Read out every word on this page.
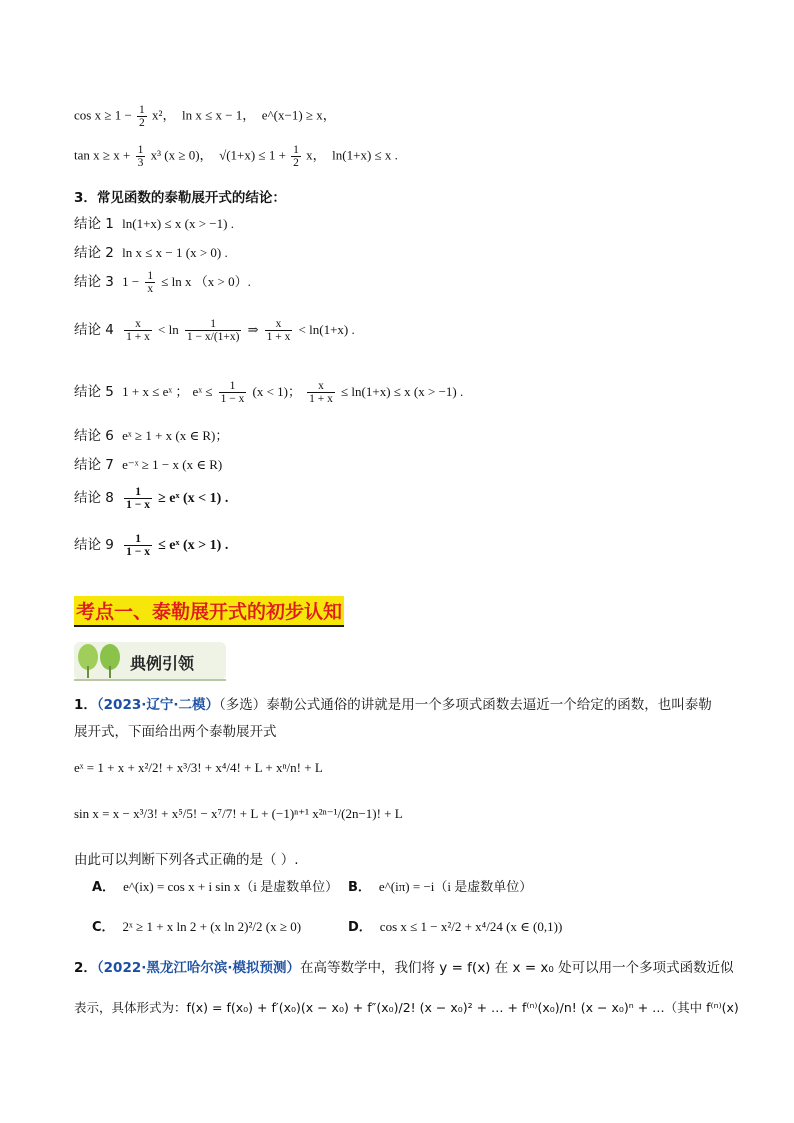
$\cos x \ge 1 - \frac{1}{2} x^2$， ln x ≤ x − 1， e^(x−1) ≥ x，
$\tan x \ge x + \frac{1}{3} x^3$ (x ≥ 0)， $√(1+x) \le 1 + \frac{1}{2}$ x， ln(1+x) ≤ x .
3．常见函数的泰勒展开式的结论：
结论 1 ln(1+x) ≤ x (x > −1) .
结论 2 ln x ≤ x − 1 (x > 0) .
结论 3 $1 - \frac{1}{x} \le \ln x$ （x > 0）.
结论 $4 \frac{x}{1 + x} < \ln \frac{1}{1 - x/(1+x)}$ ⇒ $\frac{x}{1 + x} < \ln(1+x)$ .
结论 5 1 + x ≤ eˣ ； eˣ ≤ $\frac{1}{1 - x} (x < 1)$； $\frac{x}{1 + x} \le \ln(1+x) \le x$ (x > −1) .
结论 6 eˣ ≥ 1 + x (x ∈ R)；
结论 7 e⁻ˣ ≥ 1 − x (x ∈ R)
结论 $8 \frac{1}{1 - x}$ ≥ eˣ (x < 1) .
结论 $9 \frac{1}{1 - x}$ ≤ eˣ (x > 1) .
考点一、泰勒展开式的初步认知
典例引领
1．（2023·辽宁·二模）（多选）泰勒公式通俗的讲就是用一个多项式函数去逼近一个给定的函数，也叫泰勒
展开式，下面给出两个泰勒展开式
eˣ = 1 + x + x²/2! + x³/3! + x⁴/4! + L + xⁿ/n! + L
sin x = x − x³/3! + x⁵/5! − x⁷/7! + L + (−1)ⁿ⁺¹ x²ⁿ⁻¹/(2n−1)! + L
由此可以判断下列各式正确的是（ ）.
A． e^(ix) = cos x + i sin x（i 是虚数单位） B． e^(iπ) = −i（i 是虚数单位）
C． 2ˣ ≥ 1 + x ln 2 + (x ln 2)²/2 (x ≥ 0)	D． cos x ≤ 1 − x²/2 + x⁴/24 (x ∈ (0,1))
2．（2022·黑龙江哈尔滨·模拟预测）在高等数学中，我们将 y = f(x) 在 x = x₀ 处可以用一个多项式函数近似
表示，具体形式为：f(x) = f(x₀) + f′(x₀)(x − x₀) + f″(x₀)/2! (x − x₀)² + … + f⁽ⁿ⁾(x₀)/n! (x − x₀)ⁿ + …（其中 f⁽ⁿ⁾(x)
